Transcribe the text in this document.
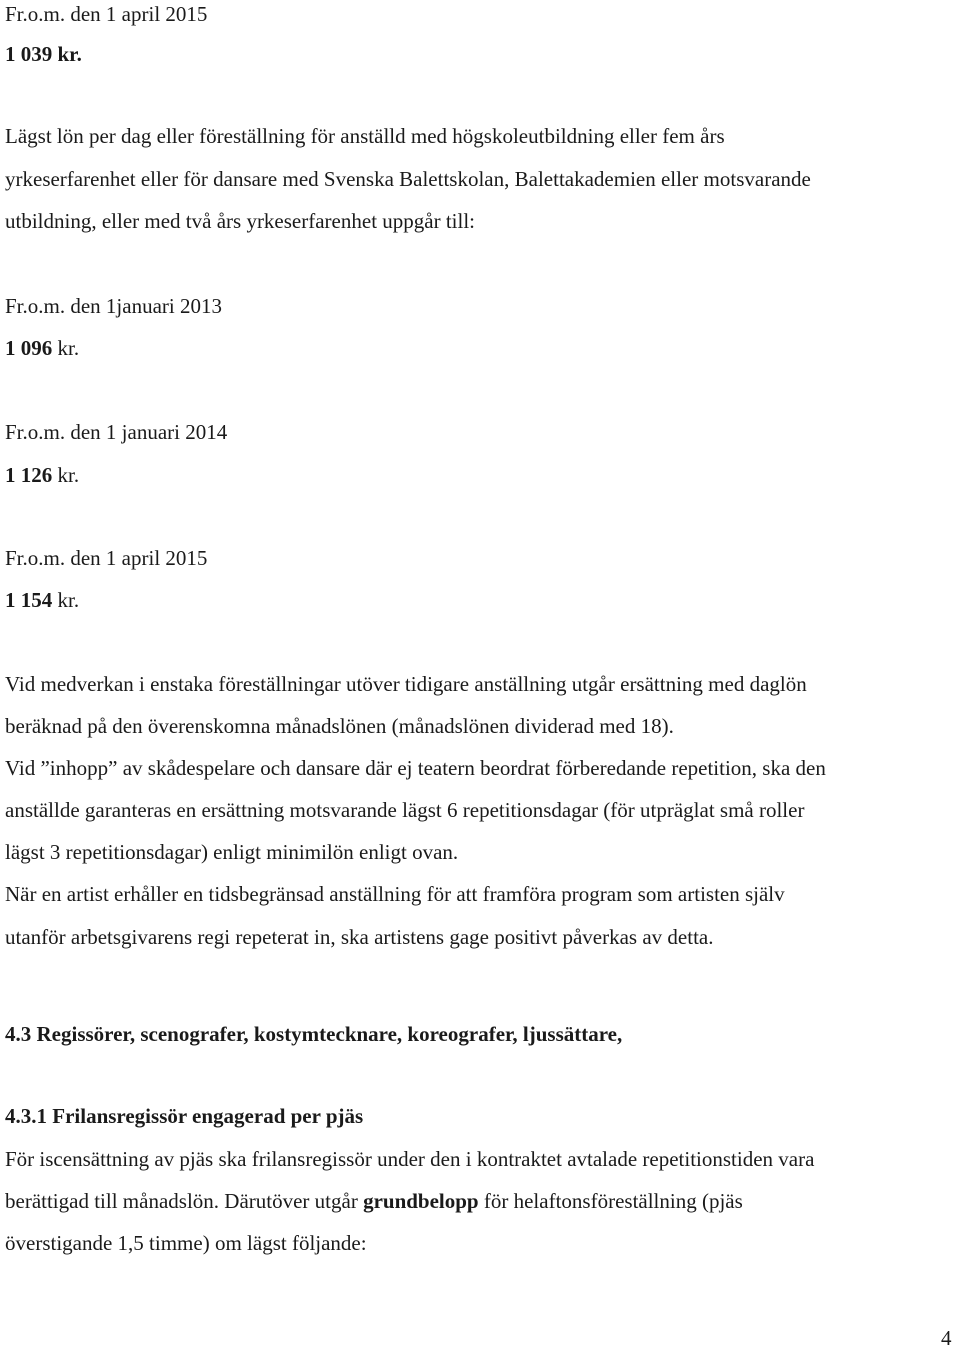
Fr.o.m. den 1 april 2015

1 039 kr.

Lägst lön per dag eller föreställning för anställd med högskoleutbildning eller fem års

yrkeserfarenhet eller för dansare med Svenska Balettskolan, Balettakademien eller motsvarande

utbildning, eller med två års yrkeserfarenhet uppgår till:

Fr.o.m. den 1januari 2013

1 096 kr.

Fr.o.m. den 1 januari 2014

1 126 kr.

Fr.o.m. den 1 april 2015

1 154 kr.

Vid medverkan i enstaka föreställningar utöver tidigare anställning utgår ersättning med daglön

beräknad på den överenskomna månadslönen (månadslönen dividerad med 18).

Vid ”inhopp” av skådespelare och dansare där ej teatern beordrat förberedande repetition, ska den

anställde garanteras en ersättning motsvarande lägst 6 repetitionsdagar (för utpräglat små roller

lägst 3 repetitionsdagar) enligt minimilön enligt ovan.

När en artist erhåller en tidsbegränsad anställning för att framföra program som artisten själv

utanför arbetsgivarens regi repeterat in, ska artistens gage positivt påverkas av detta.

4.3 Regissörer, scenografer, kostymtecknare, koreografer, ljussättare,

4.3.1 Frilansregissör engagerad per pjäs

För iscensättning av pjäs ska frilansregissör under den i kontraktet avtalade repetitionstiden vara

berättigad till månadslön. Därutöver utgår grundbelopp för helaftonsföreställning (pjäs

överstigande 1,5 timme) om lägst följande:

4
